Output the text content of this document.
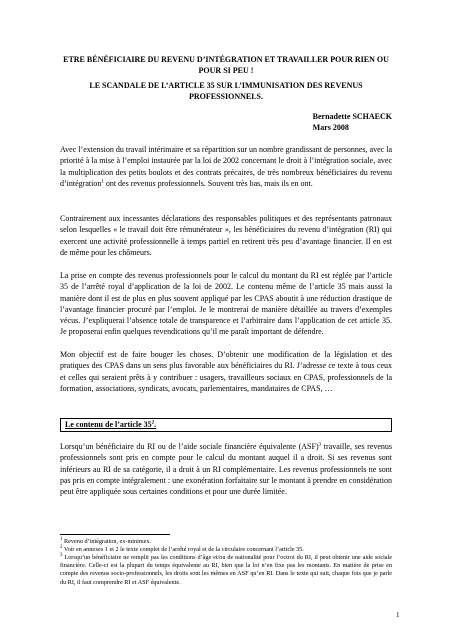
ETRE BÉNÉFICIAIRE DU REVENU D’INTÉGRATION ET TRAVAILLER POUR RIEN OU POUR SI PEU !
LE SCANDALE DE L’ARTICLE 35 SUR L’IMMUNISATION DES REVENUS PROFESSIONNELS.
Bernadette SCHAECK
Mars 2008
Avec l’extension du travail intérimaire et sa répartition sur un nombre grandissant de personnes, avec la priorité à la mise à l’emploi instaurée par la loi de 2002 concernant le droit à l’intégration sociale, avec la multiplication des petits boulots et des contrats précaires, de très nombreux bénéficiaires du revenu d’intégration$^1$ ont des revenus professionnels. Souvent très bas, mais ils en ont.
Contrairement aux incessantes déclarations des responsables politiques et des représentants patronaux selon lesquelles « le travail doit être rémunérateur », les bénéficiaires du revenu d’intégration (RI) qui exercent une activité professionnelle à temps partiel en retirent très peu d’avantage financier. Il en est de même pour les chômeurs.
La prise en compte des revenus professionnels pour le calcul du montant du RI est réglée par l’article 35 de l’arrêté royal d’application de la loi de 2002. Le contenu même de l’article 35 mais aussi la manière dont il est de plus en plus souvent appliqué par les CPAS aboutit à une réduction drastique de l’avantage financier procuré par l’emploi. Je le montrerai de manière détaillée au travers d’exemples vécus. J’expliquerai l’absence totale de transparence et l’arbitraire dans l’application de cet article 35. Je proposerai enfin quelques revendications qu’il me paraît important de défendre.
Mon objectif est de faire bouger les choses. D’obtenir une modification de la législation et des pratiques des CPAS dans un sens plus favorable aux bénéficiaires du RI. J’adresse ce texte à tous ceux et celles qui seraient prêts à y contribuer : usagers, travailleurs sociaux en CPAS, professionnels de la formation, associations, syndicats, avocats, parlementaires, mandataires de CPAS, …
Le contenu de l’article $35^2$.
Lorsqu’un bénéficiaire du RI ou de l’aide sociale financière équivalente (ASF)$^3$ travaille, ses revenus professionnels sont pris en compte pour le calcul du montant auquel il a droit. Si ses revenus sont inférieurs au RI de sa catégorie, il a droit à un RI complémentaire. Les revenus professionnels ne sont pas pris en compte intégralement : une exonération forfaitaire sur le montant à prendre en considération peut être appliquée sous certaines conditions et pour une durée limitée.
$^1$ Revenu d’intégration, ex-minimex.
$^2$ Voir en annexes 1 et 2 le texte complet de l’arrêté royal et de la circulaire concernant l’article 35.
$^3$ Lorsqu’un bénéficiaire ne remplit pas les conditions d’âge et/ou de nationalité pour l’octroi du RI, il peut obtenir une aide sociale financière. Celle-ci est la plupart du temps équivalente au RI, bien que la loi n’en fixe pas les montants. En matière de prise en compte des revenus socio-professionnels, les droits sont les mêmes en ASF qu’en RI. Dans le texte qui suit, chaque fois que je parle du RI, il faut comprendre RI et ASF équivalente.
1
